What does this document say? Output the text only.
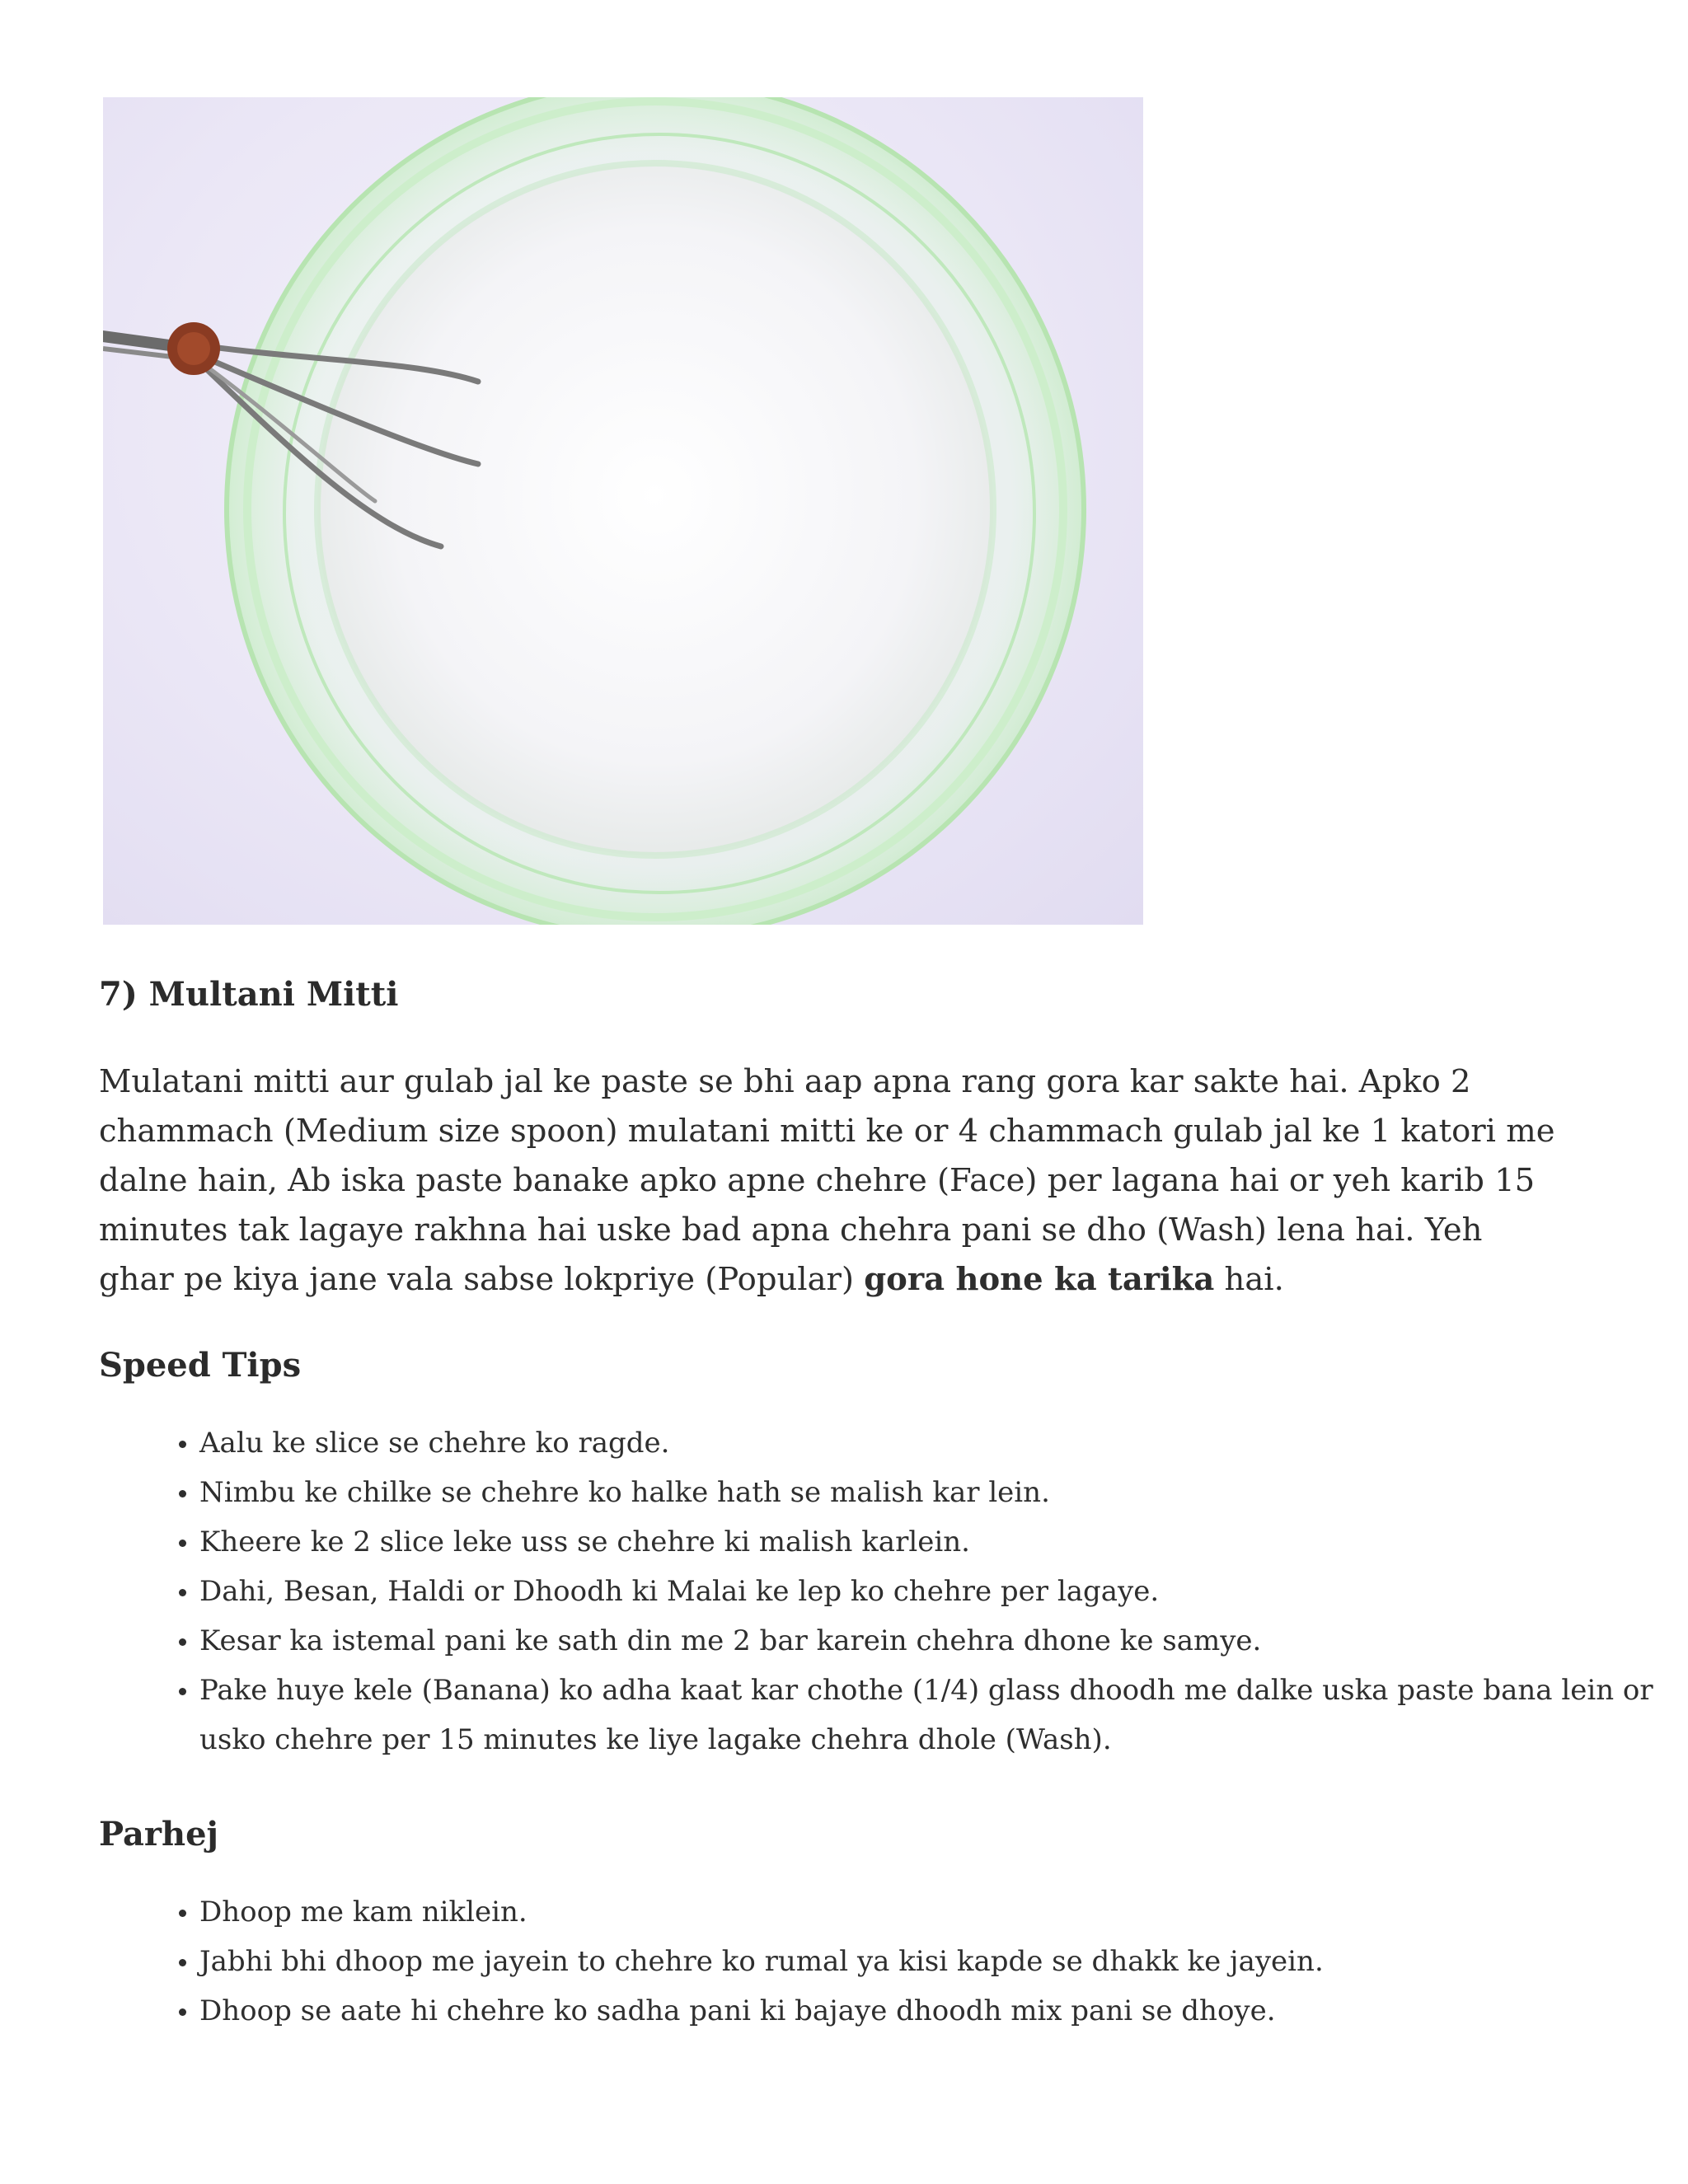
7) Multani Mitti

Mulatani mitti aur gulab jal ke paste se bhi aap apna rang gora kar sakte hai. Apko 2 chammach (Medium size spoon) mulatani mitti ke or 4 chammach gulab jal ke 1 katori me dalne hain, Ab iska paste banake apko apne chehre (Face) per lagana hai or yeh karib 15 minutes tak lagaye rakhna hai uske bad apna chehra pani se dho (Wash) lena hai. Yeh ghar pe kiya jane vala sabse lokpriye (Popular) gora hone ka tarika hai.

Speed Tips
• Aalu ke slice se chehre ko ragde.
• Nimbu ke chilke se chehre ko halke hath se malish kar lein.
• Kheere ke 2 slice leke uss se chehre ki malish karlein.
• Dahi, Besan, Haldi or Dhoodh ki Malai ke lep ko chehre per lagaye.
• Kesar ka istemal pani ke sath din me 2 bar karein chehra dhone ke samye.
• Pake huye kele (Banana) ko adha kaat kar chothe (1/4) glass dhoodh me dalke uska paste bana lein or usko chehre per 15 minutes ke liye lagake chehra dhole (Wash).
Parhej
• Dhoop me kam niklein.
• Jabhi bhi dhoop me jayein to chehre ko rumal ya kisi kapde se dhakk ke jayein.
• Dhoop se aate hi chehre ko sadha pani ki bajaye dhoodh mix pani se dhoye.
